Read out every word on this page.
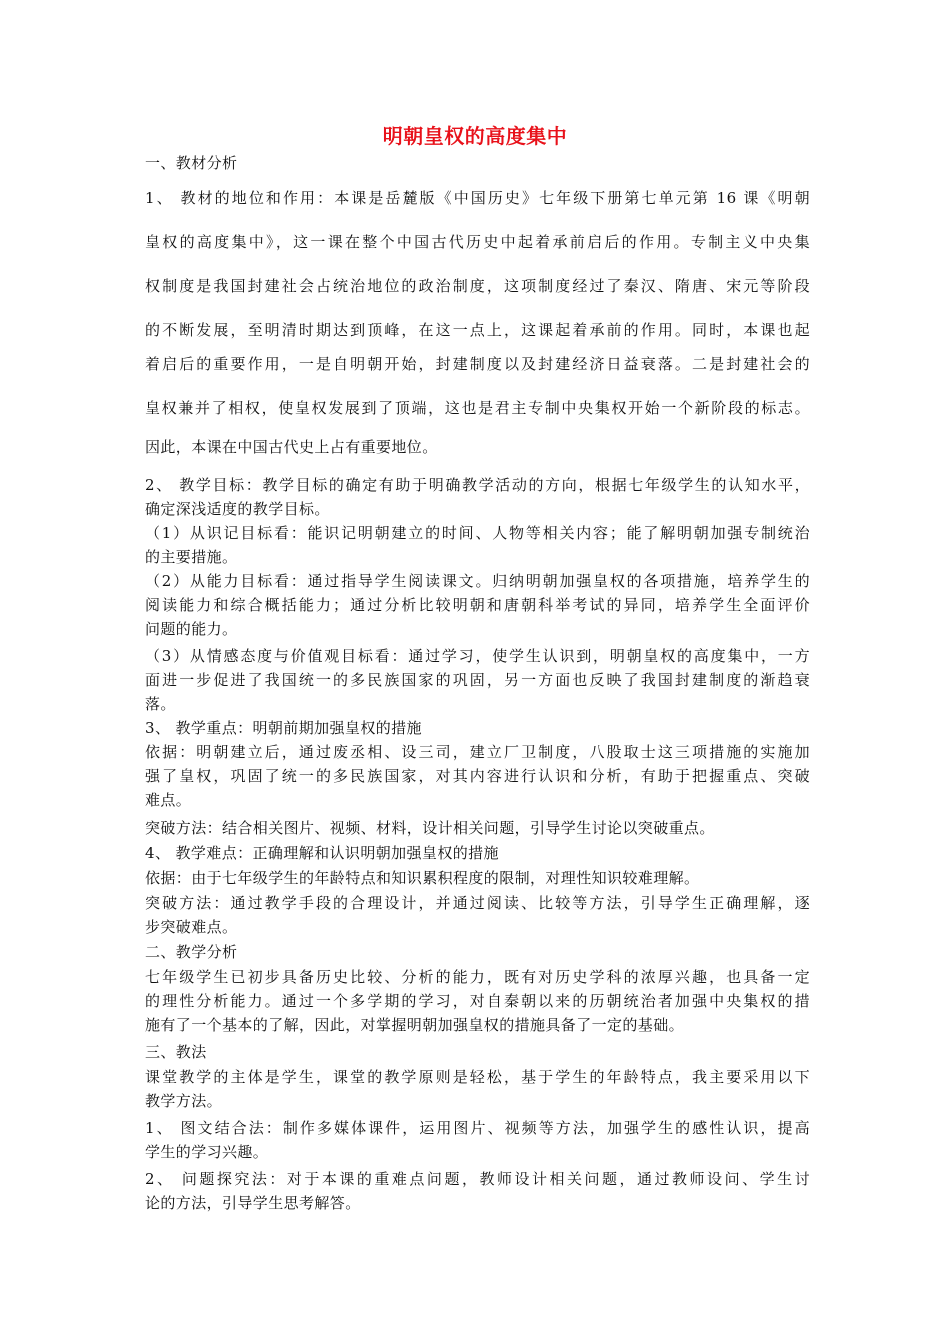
明朝皇权的高度集中
一、教材分析
1、 教材的地位和作用：本课是岳麓版《中国历史》七年级下册第七单元第 16 课《明朝
皇权的高度集中》，这一课在整个中国古代历史中起着承前启后的作用。专制主义中央集
权制度是我国封建社会占统治地位的政治制度，这项制度经过了秦汉、隋唐、宋元等阶段
的不断发展，至明清时期达到顶峰，在这一点上，这课起着承前的作用。同时，本课也起
着启后的重要作用，一是自明朝开始，封建制度以及封建经济日益衰落。二是封建社会的
皇权兼并了相权，使皇权发展到了顶端，这也是君主专制中央集权开始一个新阶段的标志。
因此，本课在中国古代史上占有重要地位。
2、 教学目标：教学目标的确定有助于明确教学活动的方向，根据七年级学生的认知水平，
确定深浅适度的教学目标。
（1）从识记目标看：能识记明朝建立的时间、人物等相关内容；能了解明朝加强专制统治
的主要措施。
（2）从能力目标看：通过指导学生阅读课文。归纳明朝加强皇权的各项措施，培养学生的
阅读能力和综合概括能力；通过分析比较明朝和唐朝科举考试的异同，培养学生全面评价
问题的能力。
（3）从情感态度与价值观目标看：通过学习，使学生认识到，明朝皇权的高度集中，一方
面进一步促进了我国统一的多民族国家的巩固，另一方面也反映了我国封建制度的渐趋衰
落。
3、 教学重点：明朝前期加强皇权的措施
依据：明朝建立后，通过废丞相、设三司，建立厂卫制度，八股取士这三项措施的实施加
强了皇权，巩固了统一的多民族国家，对其内容进行认识和分析，有助于把握重点、突破
难点。
突破方法：结合相关图片、视频、材料，设计相关问题，引导学生讨论以突破重点。
4、 教学难点：正确理解和认识明朝加强皇权的措施
依据：由于七年级学生的年龄特点和知识累积程度的限制，对理性知识较难理解。
突破方法：通过教学手段的合理设计，并通过阅读、比较等方法，引导学生正确理解，逐
步突破难点。
二、教学分析
七年级学生已初步具备历史比较、分析的能力，既有对历史学科的浓厚兴趣，也具备一定
的理性分析能力。通过一个多学期的学习，对自秦朝以来的历朝统治者加强中央集权的措
施有了一个基本的了解，因此，对掌握明朝加强皇权的措施具备了一定的基础。
三、教法
课堂教学的主体是学生，课堂的教学原则是轻松，基于学生的年龄特点，我主要采用以下
教学方法。
1、 图文结合法：制作多媒体课件，运用图片、视频等方法，加强学生的感性认识，提高
学生的学习兴趣。
2、 问题探究法：对于本课的重难点问题，教师设计相关问题，通过教师设问、学生讨
论的方法，引导学生思考解答。
